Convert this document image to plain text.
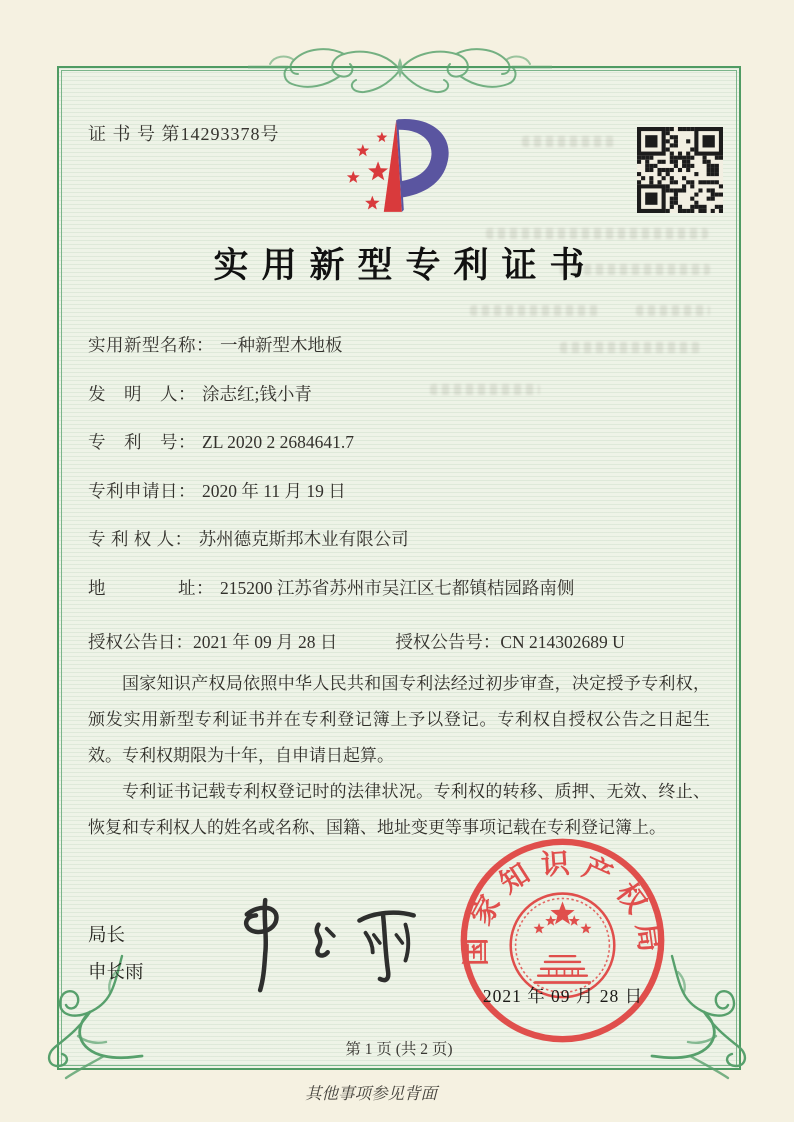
证 书 号 第14293378号
实用新型专利证书
实用新型名称： 一种新型木地板
发　明　人： 涂志红;钱小青
专　利　号： ZL 2020 2 2684641.7
专利申请日： 2020 年 11 月 19 日
专 利 权 人： 苏州德克斯邦木业有限公司
地　　　　址： 215200 江苏省苏州市吴江区七都镇桔园路南侧
授权公告日：2021 年 09 月 28 日	授权公告号：CN 214302689 U

国家知识产权局依照中华人民共和国专利法经过初步审查，决定授予专利权，颁发实用新型专利证书并在专利登记簿上予以登记。专利权自授权公告之日起生效。专利权期限为十年，自申请日起算。

专利证书记载专利权登记时的法律状况。专利权的转移、质押、无效、终止、恢复和专利权人的姓名或名称、国籍、地址变更等事项记载在专利登记簿上。

局长
申长雨
国家知识产权局
2021 年 09 月 28 日
第 1 页 (共 2 页)
其他事项参见背面
